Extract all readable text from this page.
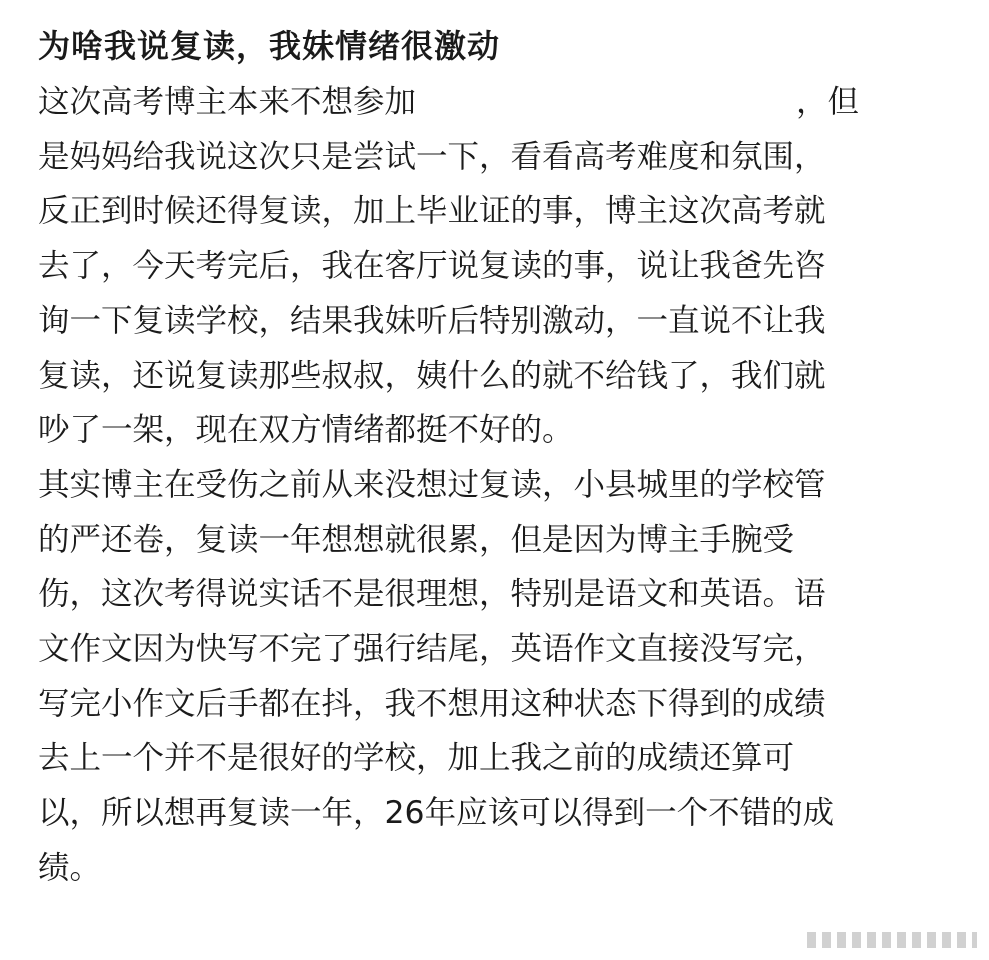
为啥我说复读，我妹情绪很激动

这次高考博主本来不想参加	，但
是妈妈给我说这次只是尝试一下，看看高考难度和氛围，
反正到时候还得复读，加上毕业证的事，博主这次高考就
去了，今天考完后，我在客厅说复读的事，说让我爸先咨
询一下复读学校，结果我妹听后特别激动，一直说不让我
复读，还说复读那些叔叔，姨什么的就不给钱了，我们就
吵了一架，现在双方情绪都挺不好的。

其实博主在受伤之前从来没想过复读，小县城里的学校管
的严还卷，复读一年想想就很累，但是因为博主手腕受
伤，这次考得说实话不是很理想，特别是语文和英语。语
文作文因为快写不完了强行结尾，英语作文直接没写完，
写完小作文后手都在抖，我不想用这种状态下得到的成绩
去上一个并不是很好的学校，加上我之前的成绩还算可
以，所以想再复读一年，26年应该可以得到一个不错的成
绩。
